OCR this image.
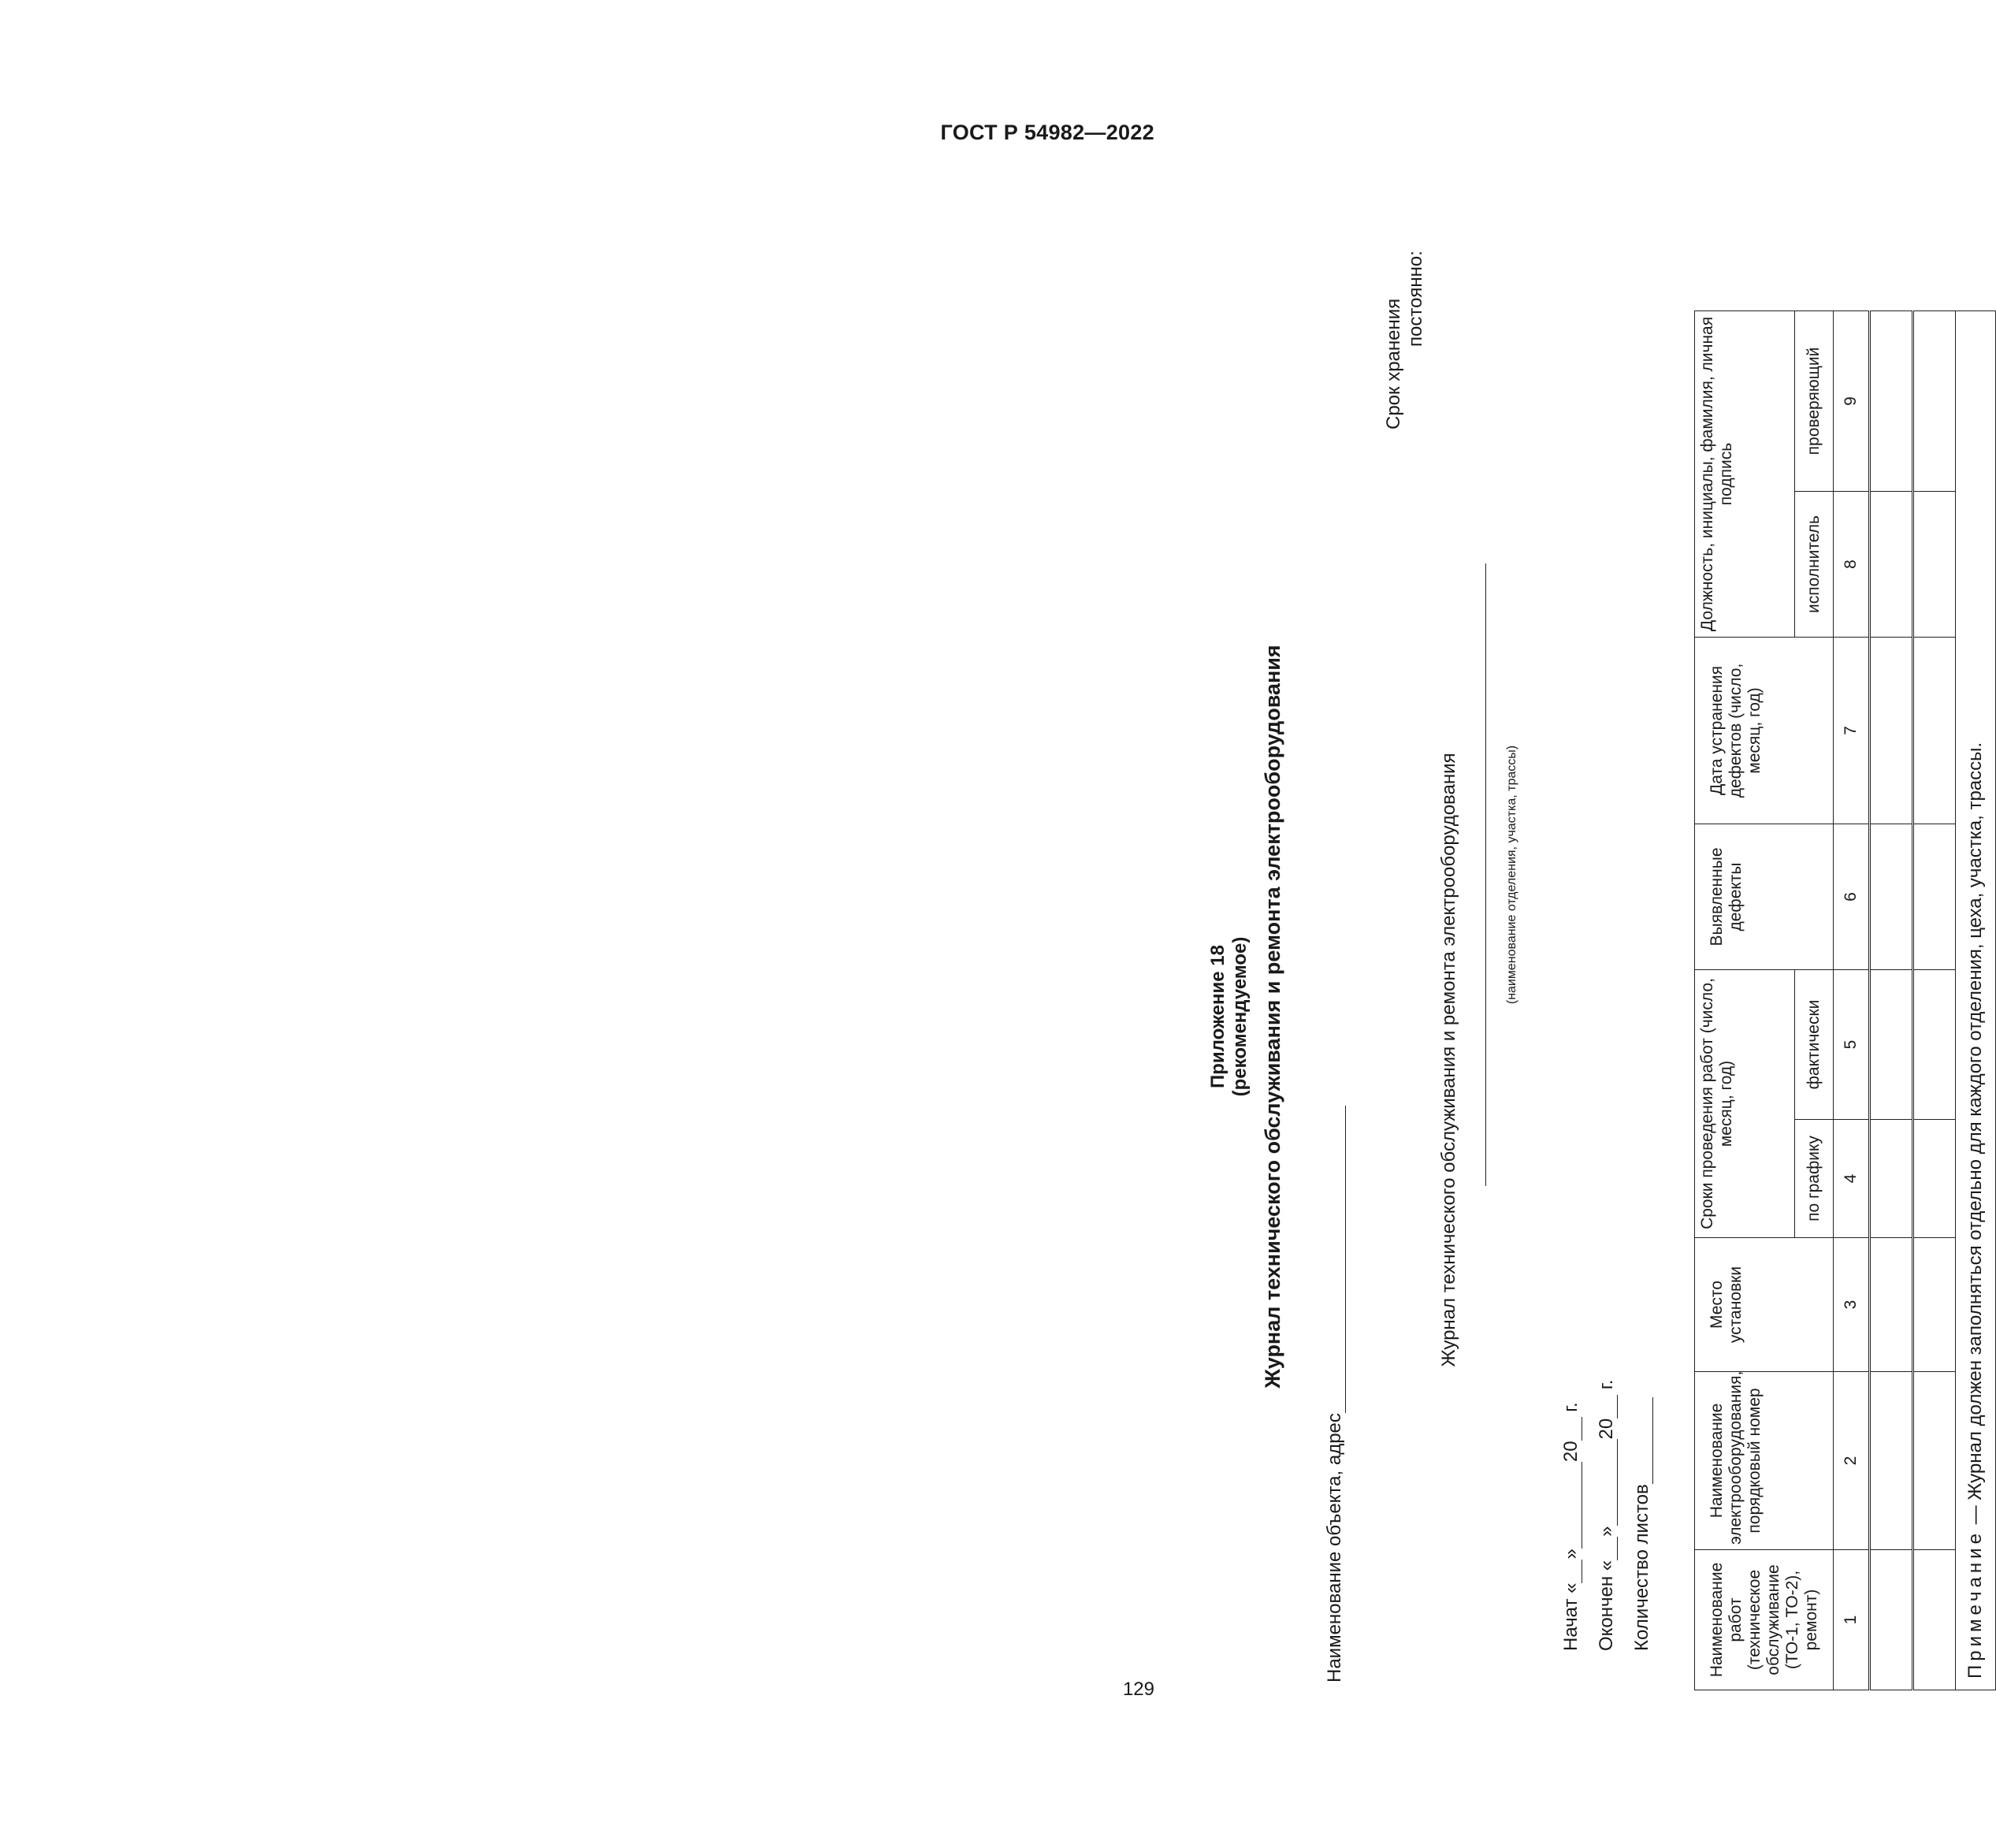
ГОСТ Р 54982—2022
129
Приложение 18 (рекомендуемое) Журнал технического обслуживания и ремонта электрооборудования
Срок хранения постоянно:
Наименование объекта, адрес
Журнал технического обслуживания и ремонта электрооборудования	(наименование отделения, участка, трассы)
Начат «»20 г.
Окончен «»20 г.
Количество листов	Наименование работ (техническое обслуживание (ТО-1, ТО-2), ремонт)	Наименование электрооборудования, порядковый номер	Место установки	Сроки проведения работ (число, месяц, год)		Выявленные дефекты	Дата устранения дефектов (число, месяц, год)	Должность, инициалы, фамилия, личная подпись	
			по графику	фактически			исполнитель	проверяющий
1	2	3	4	5	6	7	8	9

Примечание — Журнал должен заполняться отдельно для каждого отделения, цеха, участка, трассы.								
